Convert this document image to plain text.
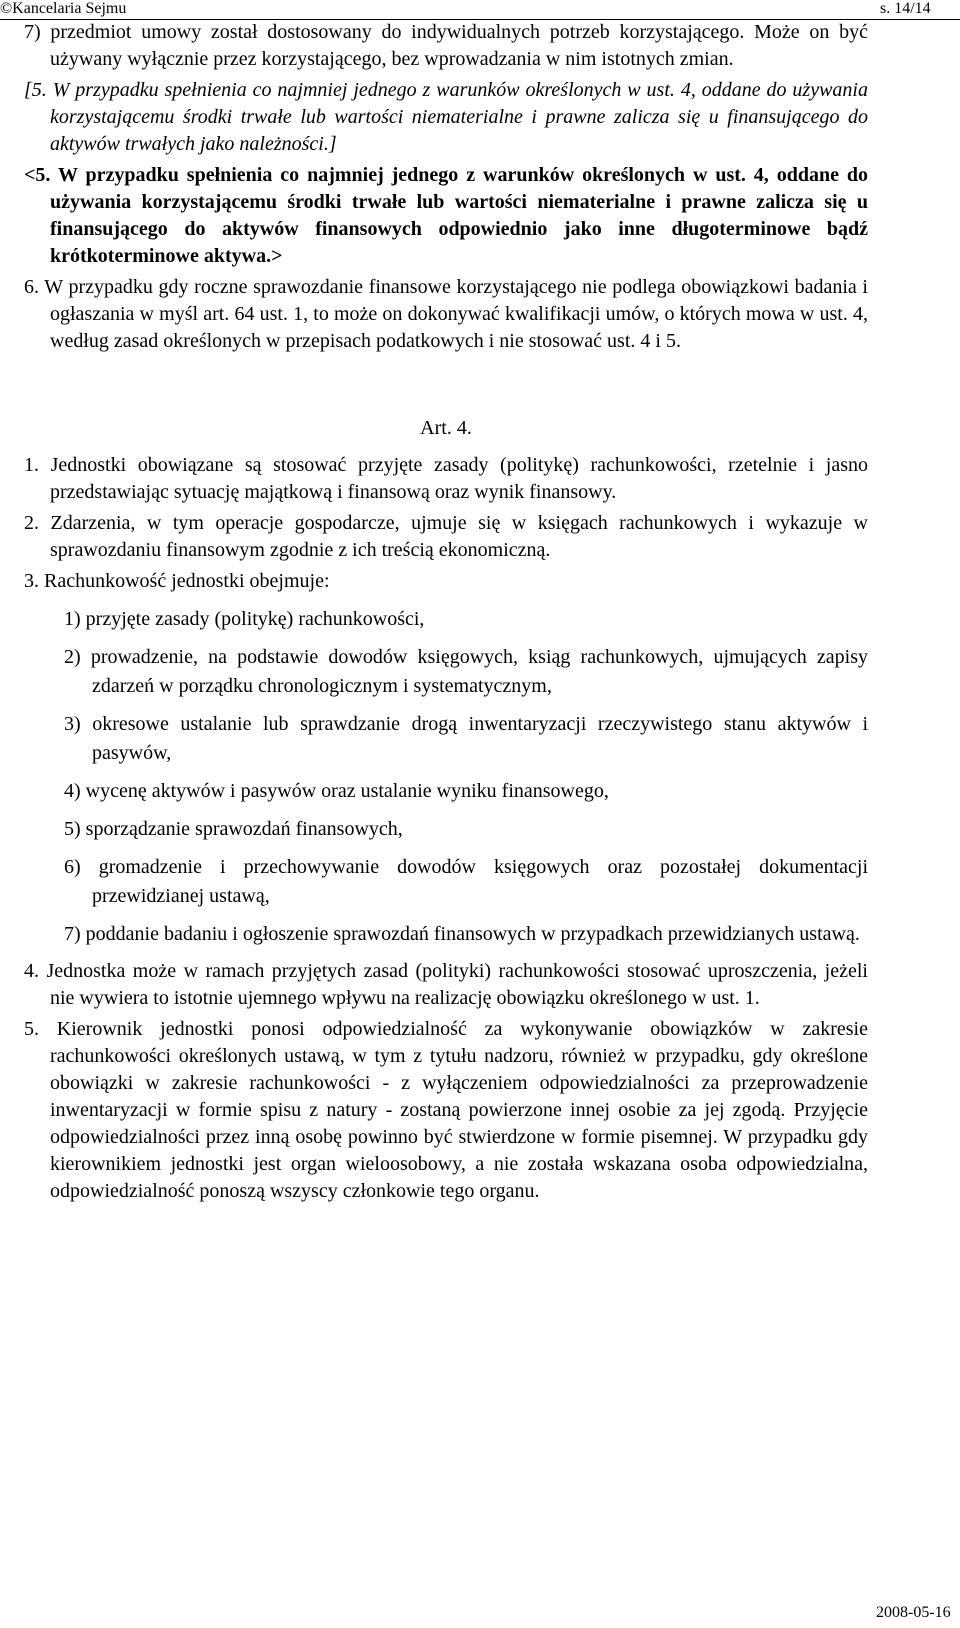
©Kancelaria Sejmu	s. 14/14

7) przedmiot umowy został dostosowany do indywidualnych potrzeb korzystającego. Może on być używany wyłącznie przez korzystającego, bez wprowadzania w nim istotnych zmian.

[5. W przypadku spełnienia co najmniej jednego z warunków określonych w ust. 4, oddane do używania korzystającemu środki trwałe lub wartości niematerialne i prawne zalicza się u finansującego do aktywów trwałych jako należności.]

<5. W przypadku spełnienia co najmniej jednego z warunków określonych w ust. 4, oddane do używania korzystającemu środki trwałe lub wartości niematerialne i prawne zalicza się u finansującego do aktywów finansowych odpowiednio jako inne długoterminowe bądź krótkoterminowe aktywa.>

6. W przypadku gdy roczne sprawozdanie finansowe korzystającego nie podlega obowiązkowi badania i ogłaszania w myśl art. 64 ust. 1, to może on dokonywać kwalifikacji umów, o których mowa w ust. 4, według zasad określonych w przepisach podatkowych i nie stosować ust. 4 i 5.

Art. 4.

1. Jednostki obowiązane są stosować przyjęte zasady (politykę) rachunkowości, rzetelnie i jasno przedstawiając sytuację majątkową i finansową oraz wynik finansowy.

2. Zdarzenia, w tym operacje gospodarcze, ujmuje się w księgach rachunkowych i wykazuje w sprawozdaniu finansowym zgodnie z ich treścią ekonomiczną.

3. Rachunkowość jednostki obejmuje:

1) przyjęte zasady (politykę) rachunkowości,

2) prowadzenie, na podstawie dowodów księgowych, ksiąg rachunkowych, ujmujących zapisy zdarzeń w porządku chronologicznym i systematycznym,

3) okresowe ustalanie lub sprawdzanie drogą inwentaryzacji rzeczywistego stanu aktywów i pasywów,

4) wycenę aktywów i pasywów oraz ustalanie wyniku finansowego,

5) sporządzanie sprawozdań finansowych,

6) gromadzenie i przechowywanie dowodów księgowych oraz pozostałej dokumentacji przewidzianej ustawą,

7) poddanie badaniu i ogłoszenie sprawozdań finansowych w przypadkach przewidzianych ustawą.

4. Jednostka może w ramach przyjętych zasad (polityki) rachunkowości stosować uproszczenia, jeżeli nie wywiera to istotnie ujemnego wpływu na realizację obowiązku określonego w ust. 1.

5. Kierownik jednostki ponosi odpowiedzialność za wykonywanie obowiązków w zakresie rachunkowości określonych ustawą, w tym z tytułu nadzoru, również w przypadku, gdy określone obowiązki w zakresie rachunkowości - z wyłączeniem odpowiedzialności za przeprowadzenie inwentaryzacji w formie spisu z natury - zostaną powierzone innej osobie za jej zgodą. Przyjęcie odpowiedzialności przez inną osobę powinno być stwierdzone w formie pisemnej. W przypadku gdy kierownikiem jednostki jest organ wieloosobowy, a nie została wskazana osoba odpowiedzialna, odpowiedzialność ponoszą wszyscy członkowie tego organu.

2008-05-16
